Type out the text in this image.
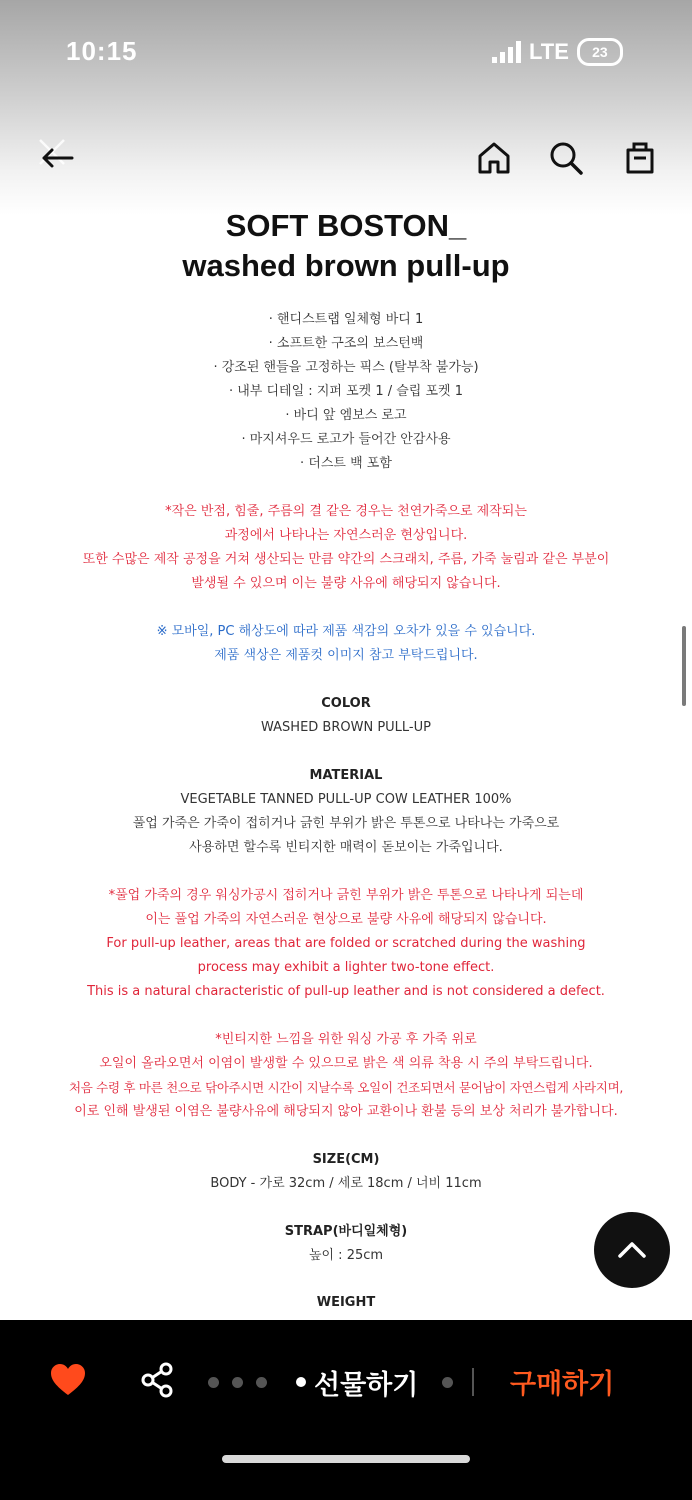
10:15	LTE 23
SOFT BOSTON_
washed brown pull-up
· 핸디스트랩 일체형 바디 1
· 소프트한 구조의 보스턴백
· 강조된 핸들을 고정하는 픽스 (탈부착 불가능)
· 내부 디테일 : 지퍼 포켓 1 / 슬립 포켓 1
· 바디 앞 엠보스 로고
· 마지셔우드 로고가 들어간 안감사용
· 더스트 백 포함
*작은 반점, 힘줄, 주름의 결 같은 경우는 천연가죽으로 제작되는
과정에서 나타나는 자연스러운 현상입니다.
또한 수많은 제작 공정을 거쳐 생산되는 만큼 약간의 스크래치, 주름, 가죽 눌림과 같은 부분이
발생될 수 있으며 이는 불량 사유에 해당되지 않습니다.
※ 모바일, PC 해상도에 따라 제품 색감의 오차가 있을 수 있습니다.
제품 색상은 제품컷 이미지 참고 부탁드립니다.
COLOR
WASHED BROWN PULL-UP
MATERIAL
VEGETABLE TANNED PULL-UP COW LEATHER 100%
풀업 가죽은 가죽이 접히거나 긁힌 부위가 밝은 투톤으로 나타나는 가죽으로
사용하면 할수록 빈티지한 매력이 돋보이는 가죽입니다.
*풀업 가죽의 경우 워싱가공시 접히거나 긁힌 부위가 밝은 투톤으로 나타나게 되는데
이는 풀업 가죽의 자연스러운 현상으로 불량 사유에 해당되지 않습니다.
For pull-up leather, areas that are folded or scratched during the washing
process may exhibit a lighter two-tone effect.
This is a natural characteristic of pull-up leather and is not considered a defect.
*빈티지한 느낌을 위한 워싱 가공 후 가죽 위로
오일이 올라오면서 이염이 발생할 수 있으므로 밝은 색 의류 착용 시 주의 부탁드립니다.
처음 수령 후 마른 천으로 닦아주시면 시간이 지날수록 오일이 건조되면서 묻어남이 자연스럽게 사라지며,
이로 인해 발생된 이염은 불량사유에 해당되지 않아 교환이나 환불 등의 보상 처리가 불가합니다.
SIZE(CM)
BODY - 가로 32cm / 세로 18cm / 너비 11cm
STRAP(바디일체형)
높이 : 25cm
WEIGHT
선물하기	구매하기
